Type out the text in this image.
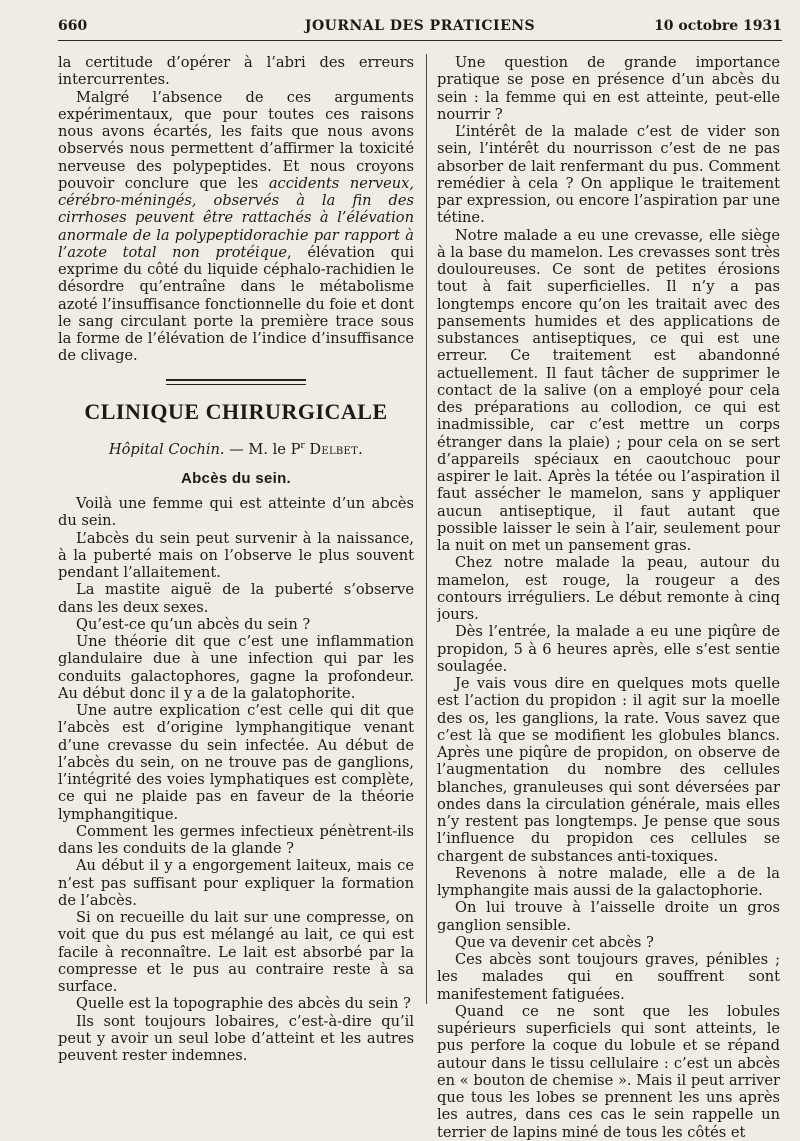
660	JOURNAL DES PRATICIENS	10 octobre 1931

la certitude d’opérer à l’abri des erreurs intercurrentes.

Malgré l’absence de ces arguments expérimentaux, que pour toutes ces raisons nous avons écartés, les faits que nous avons observés nous permettent d’affirmer la toxicité nerveuse des polypeptides. Et nous croyons pouvoir conclure que les accidents nerveux, cérébro-méningés, observés à la fin des cirrhoses peuvent être rattachés à l’élévation anormale de la polypeptidorachie par rapport à l’azote total non protéique, élévation qui exprime du côté du liquide céphalo-rachidien le désordre qu’entraîne dans le métabolisme azoté l’insuffisance fonctionnelle du foie et dont le sang circulant porte la première trace sous la forme de l’élévation de l’indice d’insuffisance de clivage.

CLINIQUE CHIRURGICALE
Hôpital Cochin. — M. le $P^r$ Delbet.
Abcès du sein.

Voilà une femme qui est atteinte d’un abcès du sein.

L’abcès du sein peut survenir à la naissance, à la puberté mais on l’observe le plus souvent pendant l’allaitement.

La mastite aiguë de la puberté s’observe dans les deux sexes.

Qu’est-ce qu’un abcès du sein ?

Une théorie dit que c’est une inflammation glandulaire due à une infection qui par les conduits galactophores, gagne la profondeur. Au début donc il y a de la galatophorite.

Une autre explication c’est celle qui dit que l’abcès est d’origine lymphangitique venant d’une crevasse du sein infectée. Au début de l’abcès du sein, on ne trouve pas de ganglions, l’intégrité des voies lymphatiques est complète, ce qui ne plaide pas en faveur de la théorie lymphangitique.

Comment les germes infectieux pénètrent-ils dans les conduits de la glande ?

Au début il y a engorgement laiteux, mais ce n’est pas suffisant pour expliquer la formation de l’abcès.

Si on recueille du lait sur une compresse, on voit que du pus est mélangé au lait, ce qui est facile à reconnaître. Le lait est absorbé par la compresse et le pus au contraire reste à sa surface.

Quelle est la topographie des abcès du sein ?

Ils sont toujours lobaires, c’est-à-dire qu’il peut y avoir un seul lobe d’atteint et les autres peuvent rester indemnes.

Une question de grande importance pratique se pose en présence d’un abcès du sein : la femme qui en est atteinte, peut-elle nourrir ?

L’intérêt de la malade c’est de vider son sein, l’intérêt du nourrisson c’est de ne pas absorber de lait renfermant du pus. Comment remédier à cela ? On applique le traitement par expression, ou encore l’aspiration par une tétine.

Notre malade a eu une crevasse, elle siège à la base du mamelon. Les crevasses sont très douloureuses. Ce sont de petites érosions tout à fait superficielles. Il n’y a pas longtemps encore qu’on les traitait avec des pansements humides et des applications de substances antiseptiques, ce qui est une erreur. Ce traitement est abandonné actuellement. Il faut tâcher de supprimer le contact de la salive (on a employé pour cela des préparations au collodion, ce qui est inadmissible, car c’est mettre un corps étranger dans la plaie) ; pour cela on se sert d’appareils spéciaux en caoutchouc pour aspirer le lait. Après la tétée ou l’aspiration il faut assécher le mamelon, sans y appliquer aucun antiseptique, il faut autant que possible laisser le sein à l’air, seulement pour la nuit on met un pansement gras.

Chez notre malade la peau, autour du mamelon, est rouge, la rougeur a des contours irréguliers. Le début remonte à cinq jours.

Dès l’entrée, la malade a eu une piqûre de propidon, 5 à 6 heures après, elle s’est sentie soulagée.

Je vais vous dire en quelques mots quelle est l’action du propidon : il agit sur la moelle des os, les ganglions, la rate. Vous savez que c’est là que se modifient les globules blancs. Après une piqûre de propidon, on observe de l’augmentation du nombre des cellules blanches, granuleuses qui sont déversées par ondes dans la circulation générale, mais elles n’y restent pas longtemps. Je pense que sous l’influence du propidon ces cellules se chargent de substances anti-toxiques.

Revenons à notre malade, elle a de la lymphangite mais aussi de la galactophorie.

On lui trouve à l’aisselle droite un gros ganglion sensible.

Que va devenir cet abcès ?

Ces abcès sont toujours graves, pénibles ; les malades qui en souffrent sont manifestement fatiguées.

Quand ce ne sont que les lobules supérieurs superficiels qui sont atteints, le pus perfore la coque du lobule et se répand autour dans le tissu cellulaire : c’est un abcès en « bouton de chemise ». Mais il peut arriver que tous les lobes se prennent les uns après les autres, dans ces cas le sein rappelle un terrier de lapins miné de tous les côtés et
